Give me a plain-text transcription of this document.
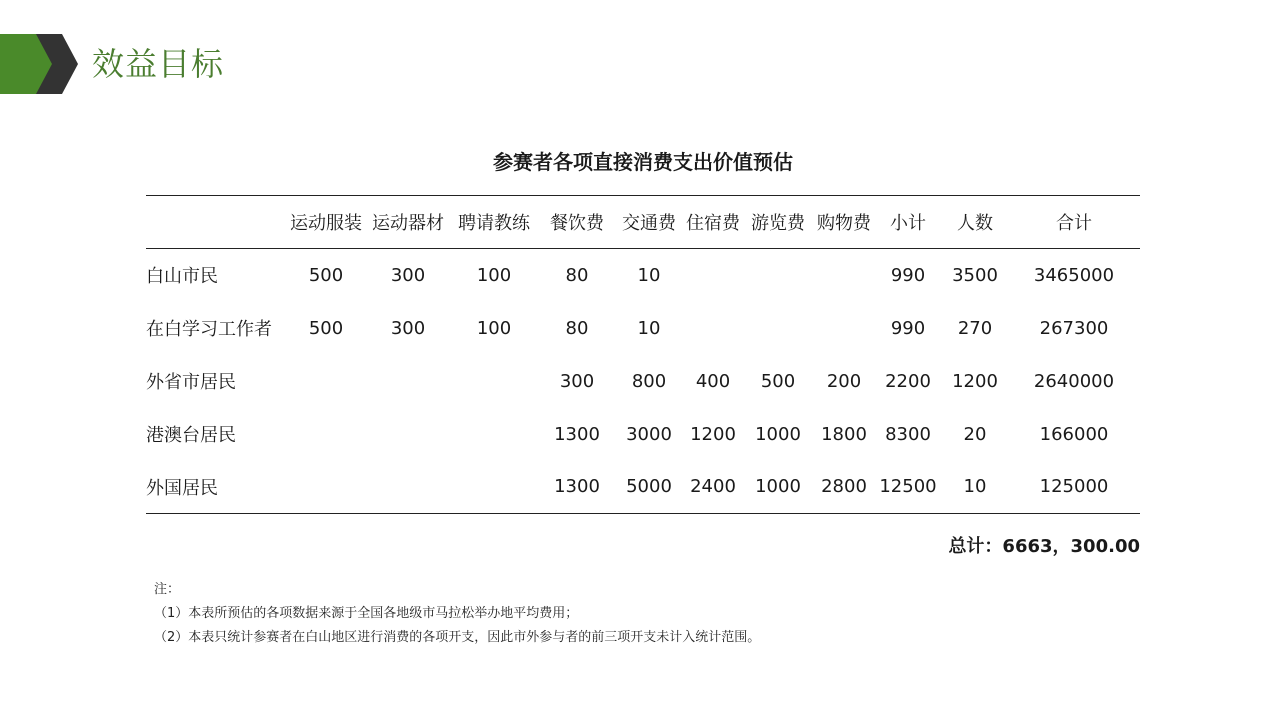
效益目标
参赛者各项直接消费支出价值预估
	运动服装	运动器材	聘请教练	餐饮费	交通费	住宿费	游览费	购物费	小计	人数	合计
白山市民	500	300	100	80	10				990	3500	3465000
在白学习工作者	500	300	100	80	10				990	270	267300
外省市居民				300	800	400	500	200	2200	1200	2640000
港澳台居民				1300	3000	1200	1000	1800	8300	20	166000
外国居民				1300	5000	2400	1000	2800	12500	10	125000
总计：6663，300.00
注：
（1）本表所预估的各项数据来源于全国各地级市马拉松举办地平均费用；
（2）本表只统计参赛者在白山地区进行消费的各项开支，因此市外参与者的前三项开支未计入统计范围。
